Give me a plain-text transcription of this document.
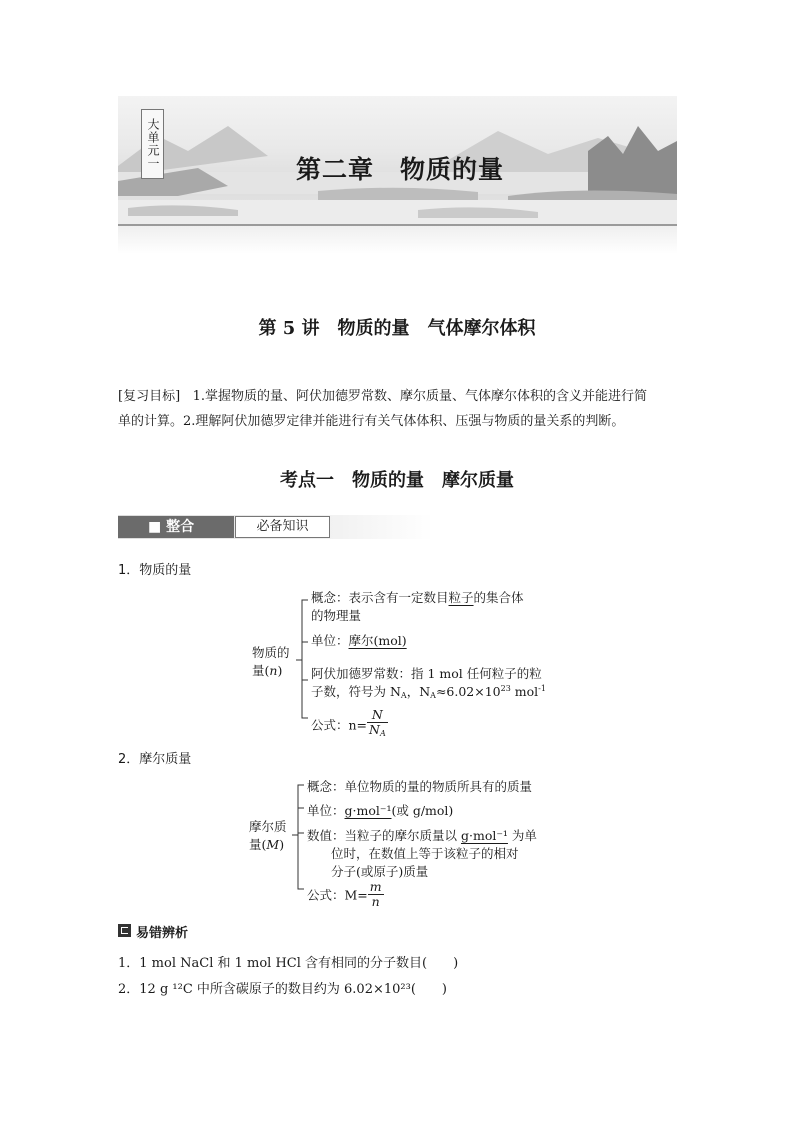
大单元一	第二章　物质的量
第 5 讲　物质的量　气体摩尔体积
[复习目标] 1.掌握物质的量、阿伏加德罗常数、摩尔质量、气体摩尔体积的含义并能进行简
单的计算。2.理解阿伏加德罗定律并能进行有关气体体积、压强与物质的量关系的判断。
考点一　物质的量　摩尔质量
■ 整合	必备知识
1．物质的量
物质的
量(n)
概念：表示含有一定数目粒子的集合体
的物理量
单位：摩尔(mol)
阿伏加德罗常数：指 1 mol 任何粒子的粒
子数，符号为 $N_A$，$N_A\approx 6.02\times 10^{23}$ mol$^{-1}$
公式：$n= \frac{N}{N_A}$
2．摩尔质量
摩尔质
量(M)
概念：单位物质的量的物质所具有的质量
单位：g·mol⁻¹(或 g/mol)
数值：当粒子的摩尔质量以 g·mol⁻¹ 为单
位时，在数值上等于该粒子的相对
分子(或原子)质量
公式：$M= \frac{m}{n}$
易错辨析
1．1 mol NaCl 和 1 mol HCl 含有相同的分子数目(　　)
2．12 g ¹²C 中所含碳原子的数目约为 6.02×10²³(　　)
